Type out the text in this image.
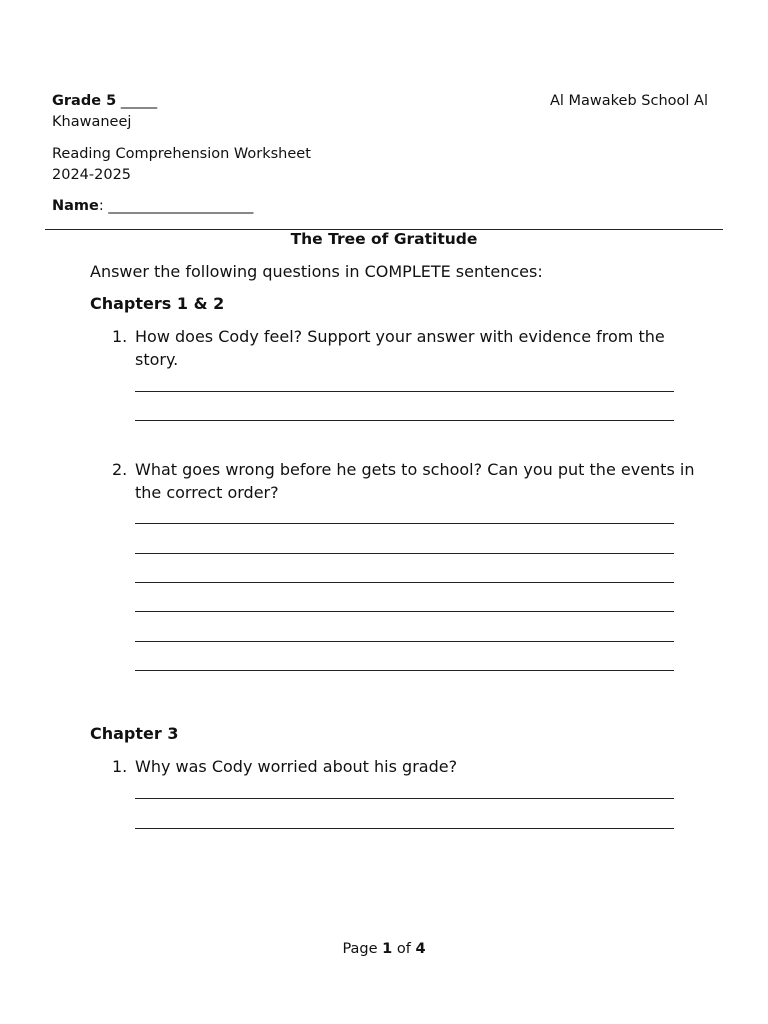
Grade 5 _____
Khawaneej
Al Mawakeb School Al
Reading Comprehension Worksheet
2024-2025
Name: ____________________
The Tree of Gratitude
Answer the following questions in COMPLETE sentences:
Chapters 1 & 2
1. How does Cody feel? Support your answer with evidence from the story.
2. What goes wrong before he gets to school? Can you put the events in the correct order?
Chapter 3
1. Why was Cody worried about his grade?
Page 1 of 4
